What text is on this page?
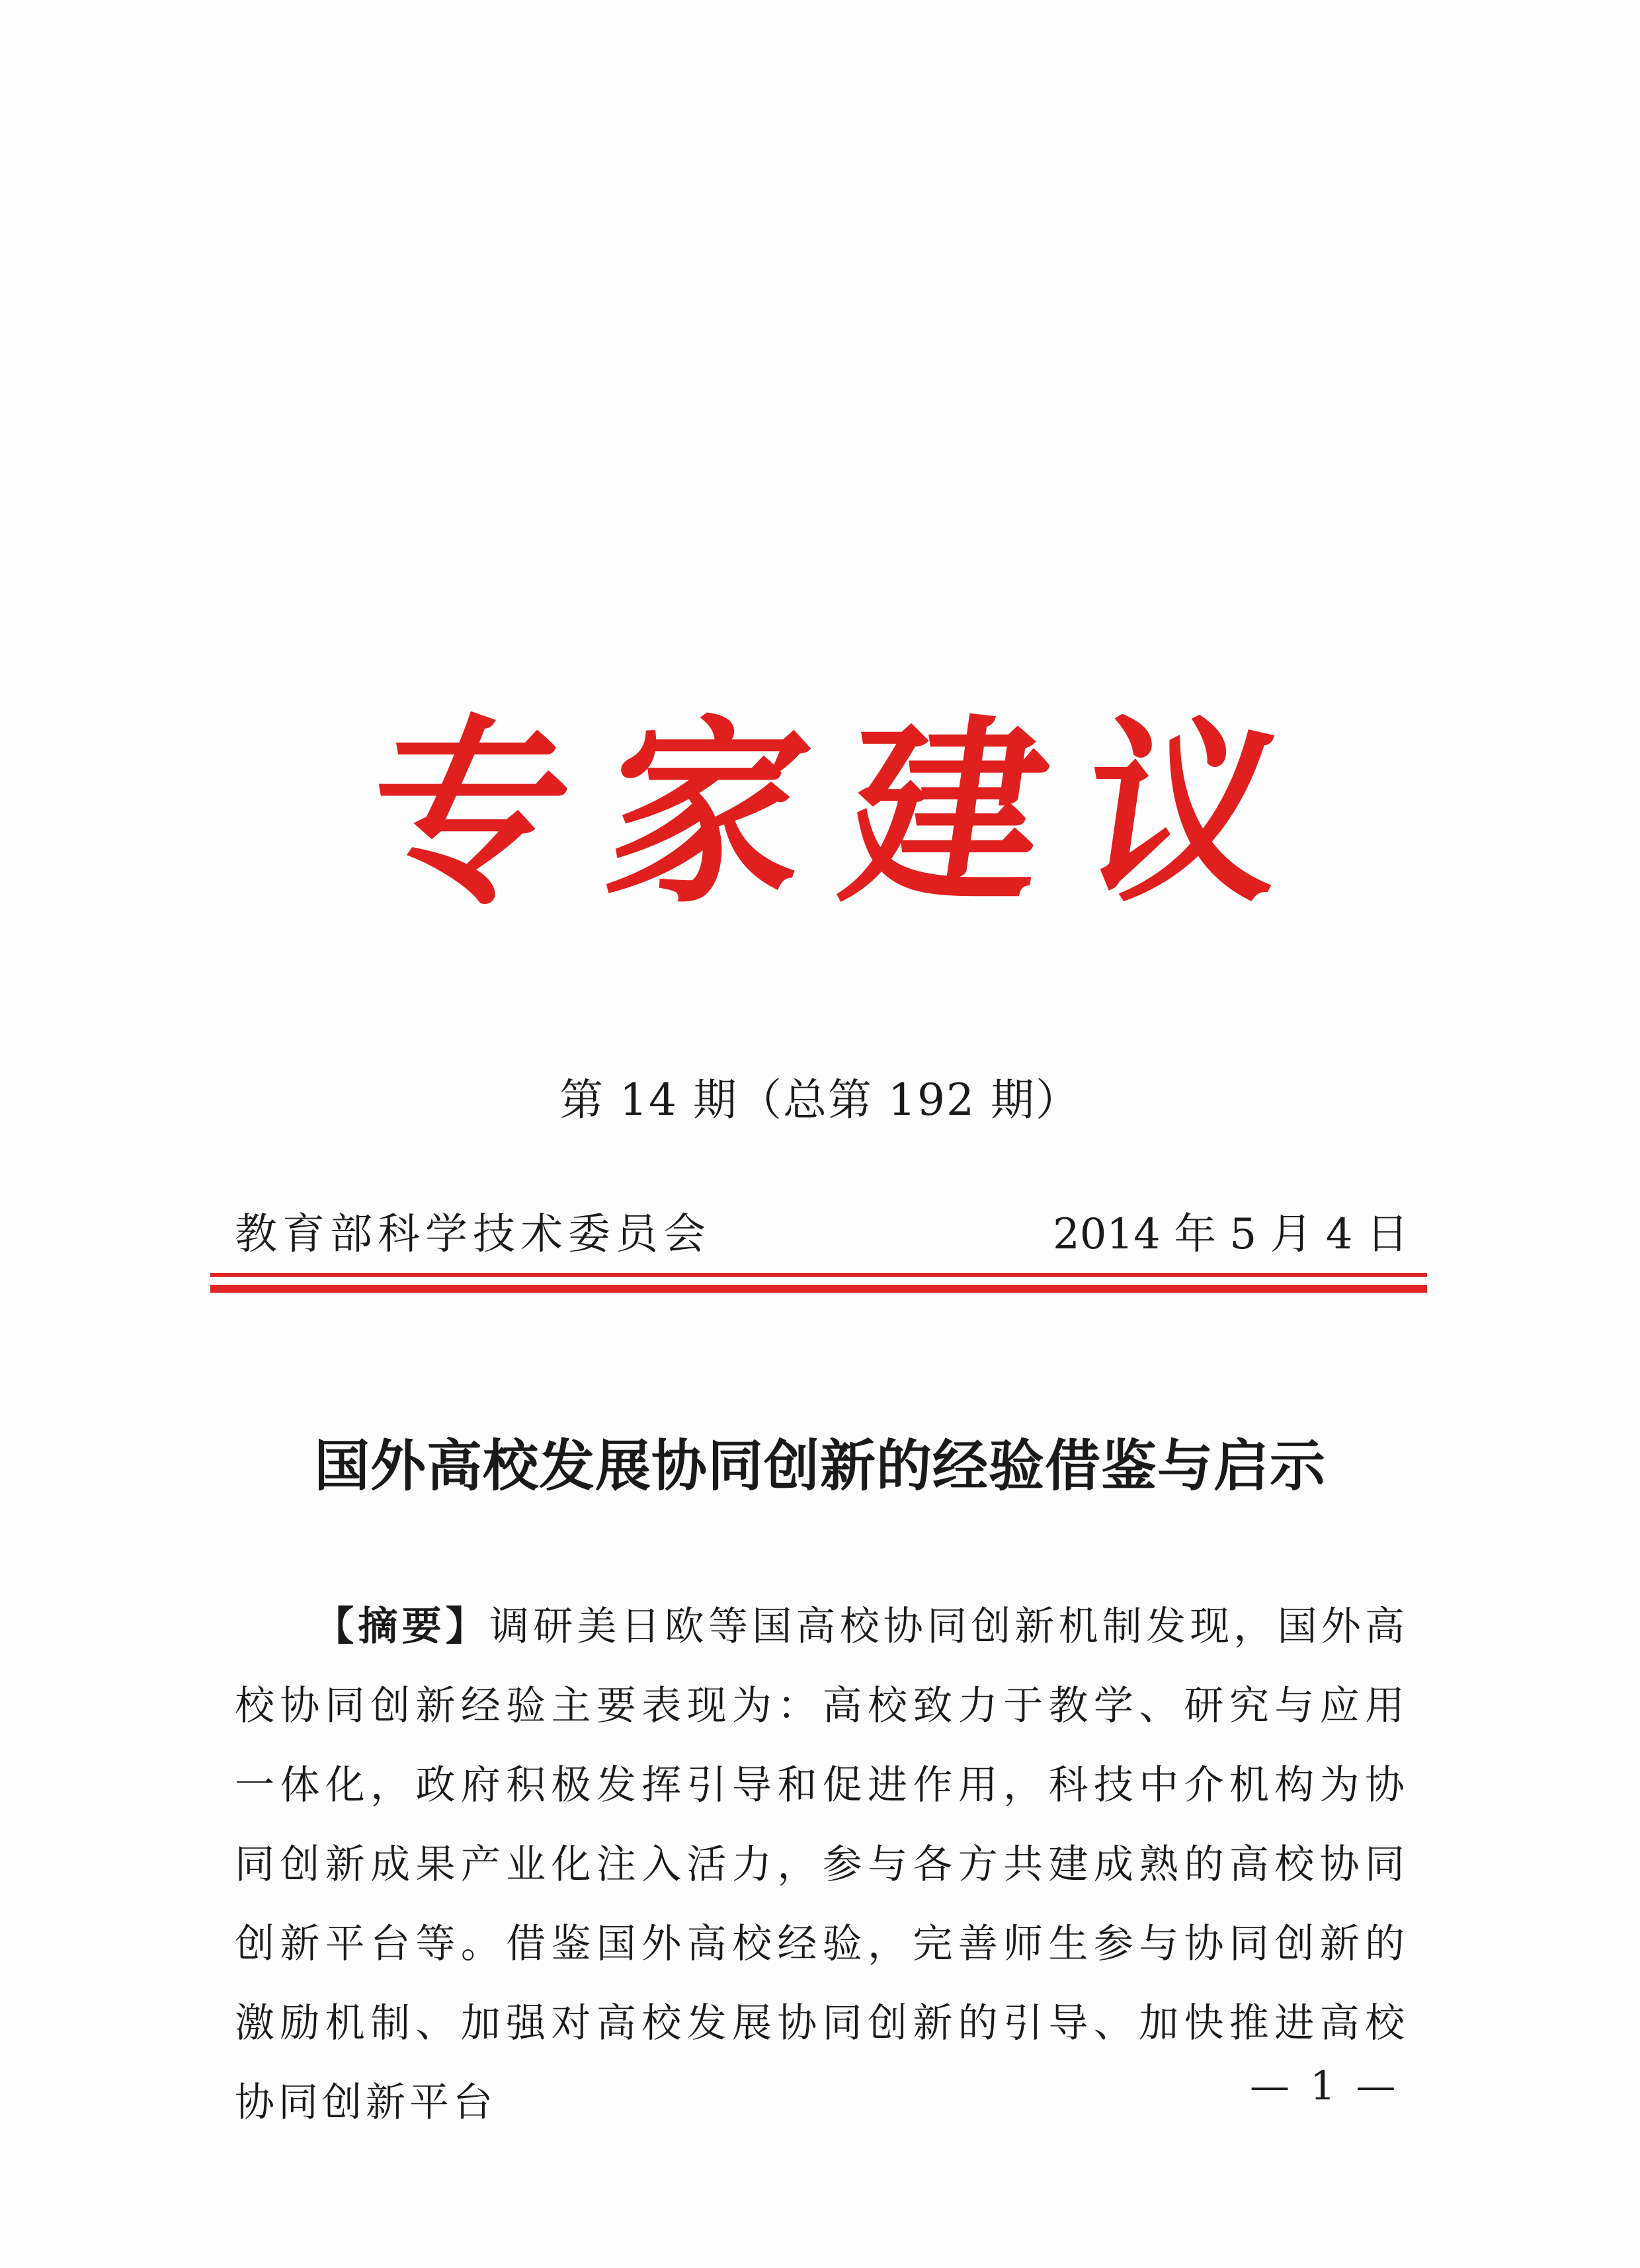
专 家 建 议
第 14 期（总第 192 期）
教育部科学技术委员会	2014 年 5 月 4 日
国外高校发展协同创新的经验借鉴与启示
【摘要】调研美日欧等国高校协同创新机制发现，国外高校协同创新经验主要表现为：高校致力于教学、研究与应用一体化，政府积极发挥引导和促进作用，科技中介机构为协同创新成果产业化注入活力，参与各方共建成熟的高校协同创新平台等。借鉴国外高校经验，完善师生参与协同创新的激励机制、加强对高校发展协同创新的引导、加快推进高校协同创新平台	— 1 —
